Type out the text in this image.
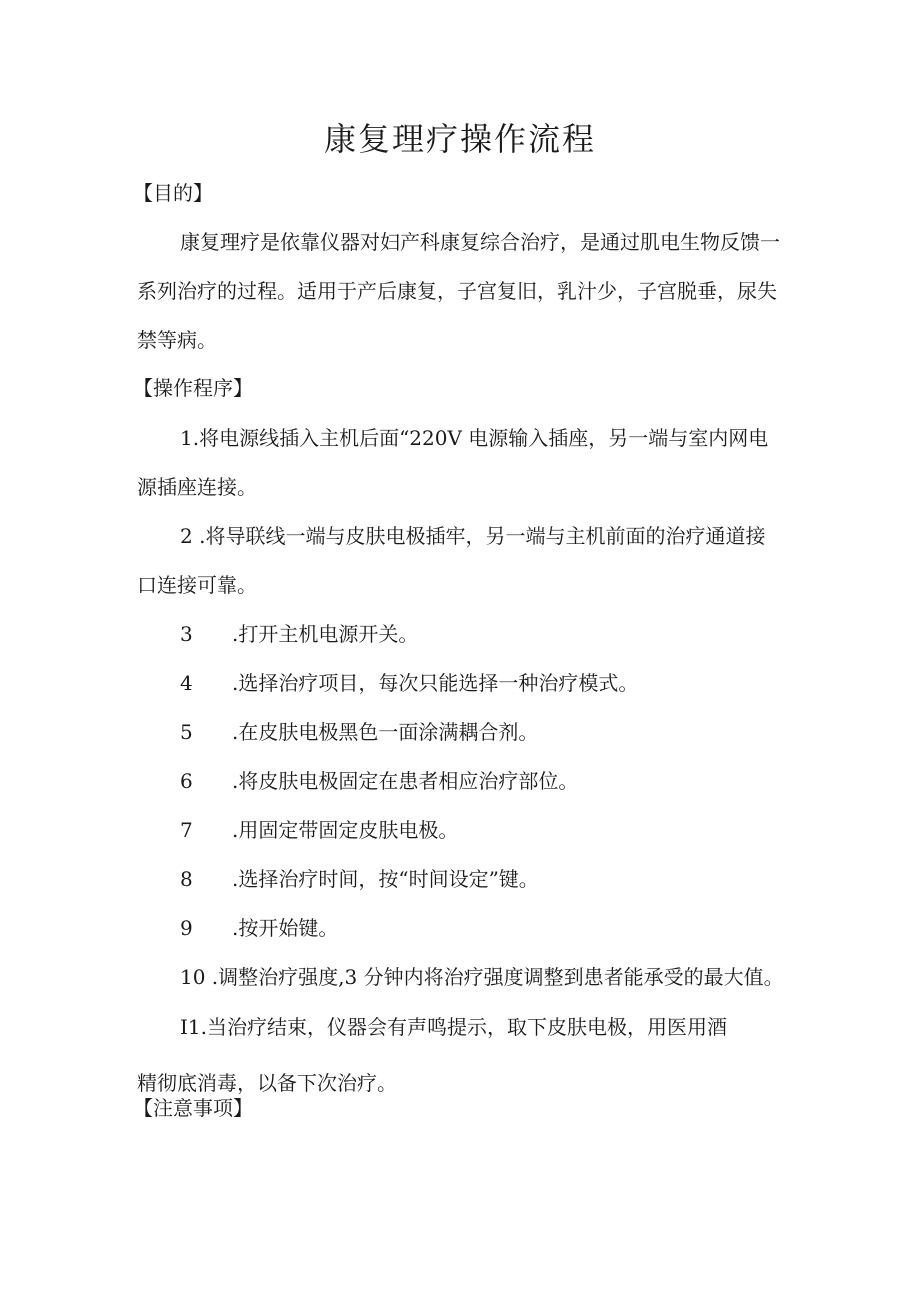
康复理疗操作流程
【目的】
康复理疗是依靠仪器对妇产科康复综合治疗，是通过肌电生物反馈一
系列治疗的过程。适用于产后康复，子宫复旧，乳汁少，子宫脱垂，尿失
禁等病。
【操作程序】
1.将电源线插入主机后面“220V 电源输入插座，另一端与室内网电
源插座连接。
2 .将导联线一端与皮肤电极插牢，另一端与主机前面的治疗通道接
口连接可靠。
3 .打开主机电源开关。
4 .选择治疗项目，每次只能选择一种治疗模式。
5 .在皮肤电极黑色一面涂满耦合剂。
6 .将皮肤电极固定在患者相应治疗部位。
7 .用固定带固定皮肤电极。
8 .选择治疗时间，按“时间设定”键。
9 .按开始键。
10 .调整治疗强度,3 分钟内将治疗强度调整到患者能承受的最大值。
I1.当治疗结束，仪器会有声鸣提示，取下皮肤电极，用医用酒
精彻底消毒，以备下次治疗。
【注意事项】
